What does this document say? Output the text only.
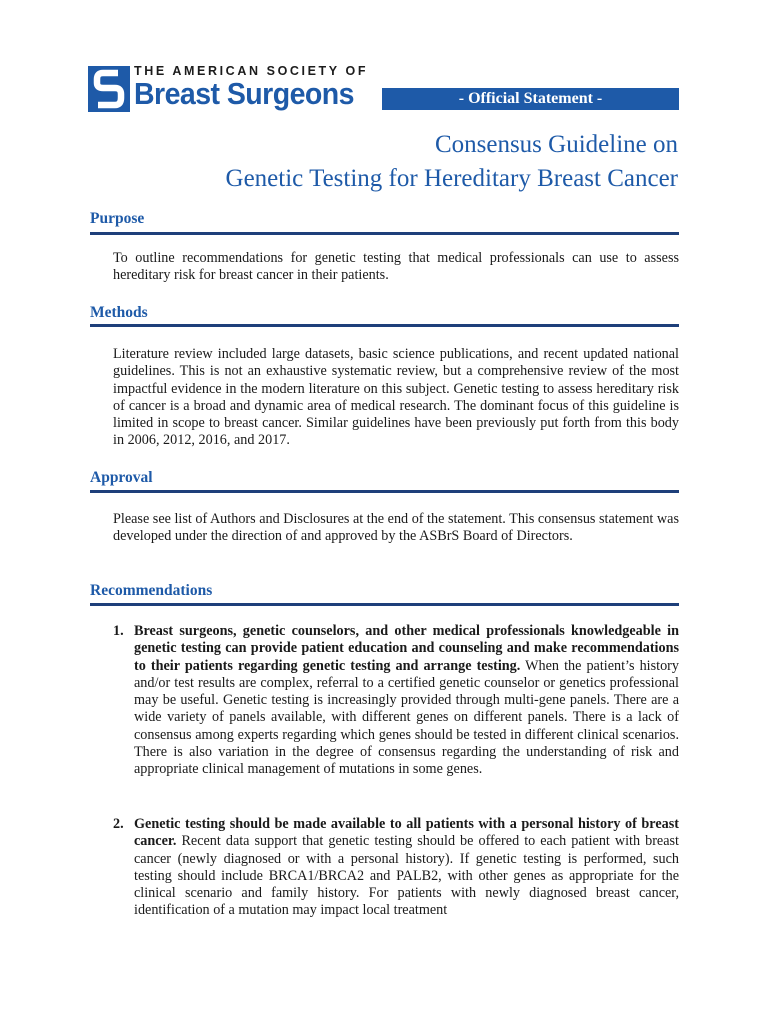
THE AMERICAN SOCIETY OF
Breast Surgeons	- Official Statement -
Consensus Guideline on
Genetic Testing for Hereditary Breast Cancer
Purpose
To outline recommendations for genetic testing that medical professionals can use to assess hereditary risk for breast cancer in their patients.
Methods
Literature review included large datasets, basic science publications, and recent updated national guidelines. This is not an exhaustive systematic review, but a comprehensive review of the most impactful evidence in the modern literature on this subject. Genetic testing to assess hereditary risk of cancer is a broad and dynamic area of medical research. The dominant focus of this guideline is limited in scope to breast cancer. Similar guidelines have been previously put forth from this body in 2006, 2012, 2016, and 2017.
Approval
Please see list of Authors and Disclosures at the end of the statement. This consensus statement was developed under the direction of and approved by the ASBrS Board of Directors.
Recommendations
1. Breast surgeons, genetic counselors, and other medical professionals knowledgeable in genetic testing can provide patient education and counseling and make recommendations to their patients regarding genetic testing and arrange testing. When the patient’s history and/or test results are complex, referral to a certified genetic counselor or genetics professional may be useful. Genetic testing is increasingly provided through multi-gene panels. There are a wide variety of panels available, with different genes on different panels. There is a lack of consensus among experts regarding which genes should be tested in different clinical scenarios. There is also variation in the degree of consensus regarding the understanding of risk and appropriate clinical management of mutations in some genes.
2. Genetic testing should be made available to all patients with a personal history of breast cancer. Recent data support that genetic testing should be offered to each patient with breast cancer (newly diagnosed or with a personal history). If genetic testing is performed, such testing should include BRCA1/BRCA2 and PALB2, with other genes as appropriate for the clinical scenario and family history. For patients with newly diagnosed breast cancer, identification of a mutation may impact local treatment
